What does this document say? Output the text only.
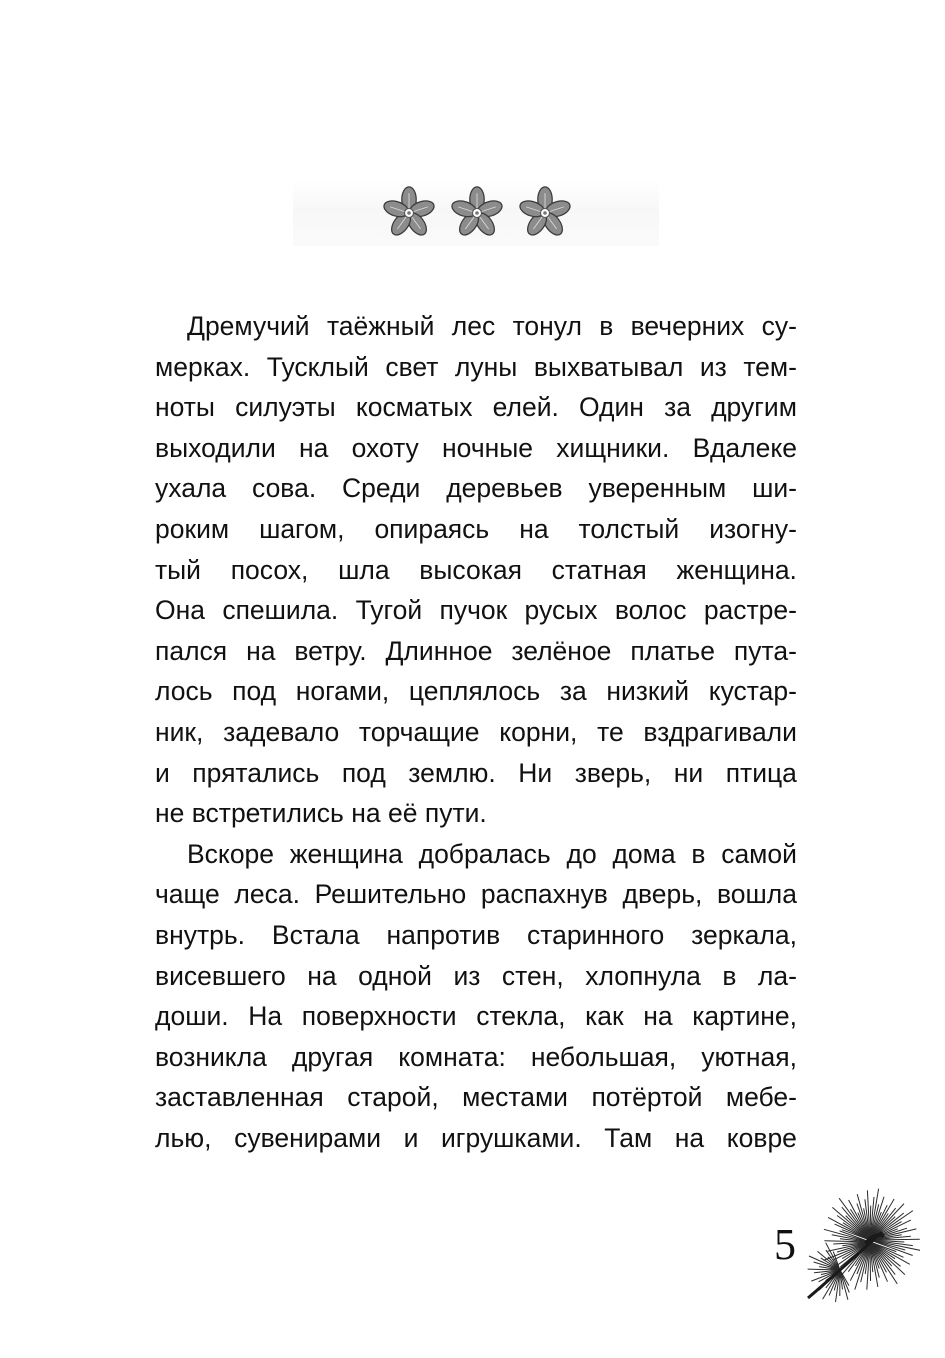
Дремучий таёжный лес тонул в вечерних су-
мерках. Тусклый свет луны выхватывал из тем-
ноты силуэты косматых елей. Один за другим
выходили на охоту ночные хищники. Вдалеке
ухала сова. Среди деревьев уверенным ши-
роким шагом, опираясь на толстый изогну-
тый посох, шла высокая статная женщина.
Она спешила. Тугой пучок русых волос растре-
пался на ветру. Длинное зелёное платье пута-
лось под ногами, цеплялось за низкий кустар-
ник, задевало торчащие корни, те вздрагивали
и прятались под землю. Ни зверь, ни птица
не встретились на её пути.
Вскоре женщина добралась до дома в самой
чаще леса. Решительно распахнув дверь, вошла
внутрь. Встала напротив старинного зеркала,
висевшего на одной из стен, хлопнула в ла-
доши. На поверхности стекла, как на картине,
возникла другая комната: небольшая, уютная,
заставленная старой, местами потёртой мебе-
лью, сувенирами и игрушками. Там на ковре
5
